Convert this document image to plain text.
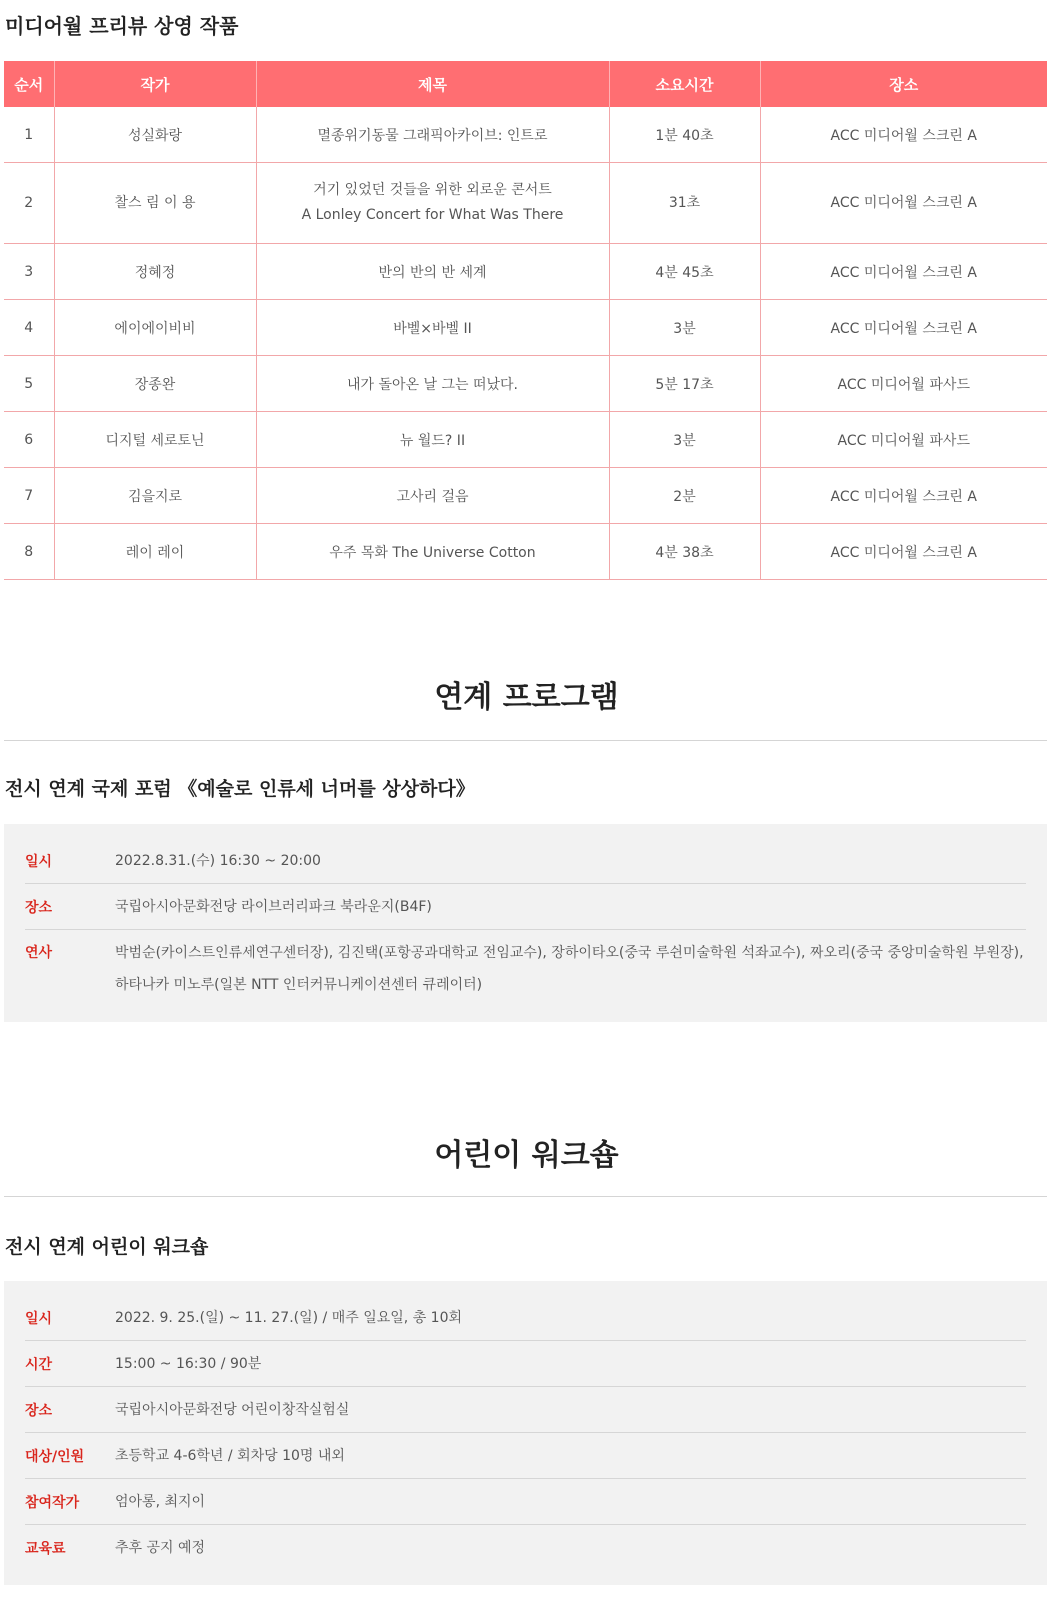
미디어월 프리뷰 상영 작품
순서	작가	제목	소요시간	장소
1	성실화랑	멸종위기동물 그래픽아카이브: 인트로	1분 40초	ACC 미디어월 스크린 A
2	찰스 림 이 용	거기 있었던 것들을 위한 외로운 콘서트
A Lonley Concert for What Was There	31초	ACC 미디어월 스크린 A
3	정혜정	반의 반의 반 세계	4분 45초	ACC 미디어월 스크린 A
4	에이에이비비	바벨×바벨 II	3분	ACC 미디어월 스크린 A
5	장종완	내가 돌아온 날 그는 떠났다.	5분 17초	ACC 미디어월 파사드
6	디지털 세로토닌	뉴 월드? II	3분	ACC 미디어월 파사드
7	김을지로	고사리 걸음	2분	ACC 미디어월 스크린 A
8	레이 레이	우주 목화 The Universe Cotton	4분 38초	ACC 미디어월 스크린 A
연계 프로그램
전시 연계 국제 포럼 《예술로 인류세 너머를 상상하다》
일시	2022.8.31.(수) 16:30 ~ 20:00
장소	국립아시아문화전당 라이브러리파크 북라운지(B4F)
연사	박범순(카이스트인류세연구센터장), 김진택(포항공과대학교 전임교수), 장하이타오(중국 루쉰미술학원 석좌교수), 짜오리(중국 중앙미술학원 부원장), 하타나카 미노루(일본 NTT 인터커뮤니케이션센터 큐레이터)
어린이 워크숍
전시 연계 어린이 워크숍
일시	2022. 9. 25.(일) ~ 11. 27.(일) / 매주 일요일, 총 10회
시간	15:00 ~ 16:30 / 90분
장소	국립아시아문화전당 어린이창작실험실
대상/인원	초등학교 4-6학년 / 회차당 10명 내외
참여작가	엄아롱, 최지이
교육료	추후 공지 예정
